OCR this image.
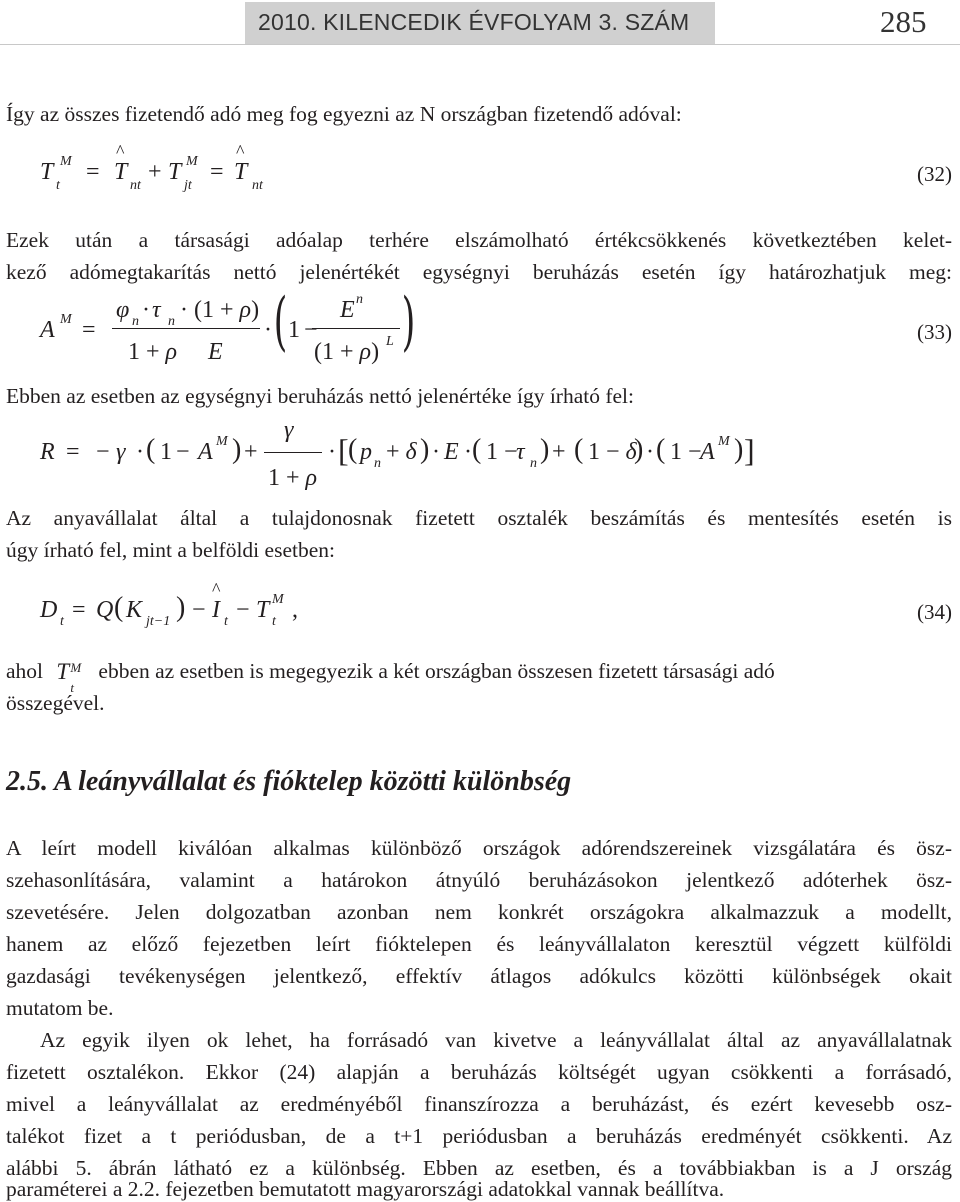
2010. KILENCEDIK ÉVFOLYAM 3. SZÁM	285
Így az összes fizetendő adó meg fog egyezni az N országban fizetendő adóval:
T M
t
= T
^
nt
+ T M
jt
= T
^
nt	(32)
Ezek után a társasági adóalap terhére elszámolható értékcsökkenés következtében kelet-
kező adómegtakarítás nettó jelenértékét egységnyi beruházás esetén így határozhatjuk meg:
A M =
φ n · τ n · (1 + ρ)
1 + ρ E
· ( 1 −
E n
(1 + ρ) L )	(33)
Ebben az esetben az egységnyi beruházás nettó jelenértéke így írható fel:
R = − γ · ( 1 − A M ) +
γ
1 + ρ
· [ ( p n + δ ) · E · ( 1 −
τ n ) + ( 1 − δ
) · ( 1 −
A M ) ]
Az anyavállalat által a tulajdonosnak fizetett osztalék beszámítás és mentesítés esetén is
úgy írható fel, mint a belföldi esetben:
D t = Q ( K jt−1 ) − I
^
t − T M
t ,	(34)
ahol T M
t
ebben az esetben is megegyezik a két országban összesen fizetett társasági adó
összegével.
2.5. A leányvállalat és fióktelep közötti különbség
A leírt modell kiválóan alkalmas különböző országok adórendszereinek vizsgálatára és ösz-
szehasonlítására, valamint a határokon átnyúló beruházásokon jelentkező adóterhek ösz-
szevetésére. Jelen dolgozatban azonban nem konkrét országokra alkalmazzuk a modellt,
hanem az előző fejezetben leírt fióktelepen és leányvállalaton keresztül végzett külföldi
gazdasági tevékenységen jelentkező, effektív átlagos adókulcs közötti különbségek okait
mutatom be.
Az egyik ilyen ok lehet, ha forrásadó van kivetve a leányvállalat által az anyavállalatnak
fizetett osztalékon. Ekkor (24) alapján a beruházás költségét ugyan csökkenti a forrásadó,
mivel a leányvállalat az eredményéből finanszírozza a beruházást, és ezért kevesebb osz-
talékot fizet a t periódusban, de a t+1 periódusban a beruházás eredményét csökkenti. Az
alábbi 5. ábrán látható ez a különbség. Ebben az esetben, és a továbbiakban is a J ország
paraméterei a 2.2. fejezetben bemutatott magyarországi adatokkal vannak beállítva.
